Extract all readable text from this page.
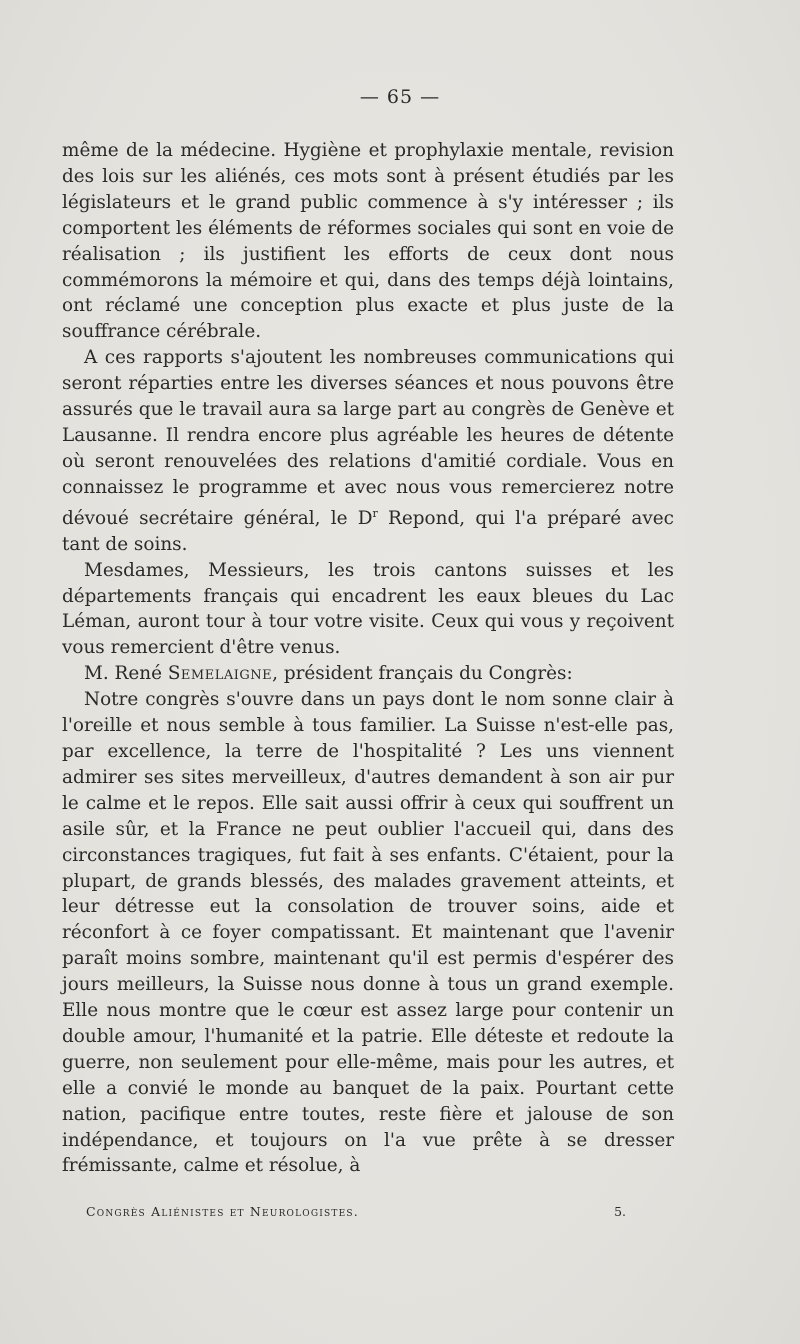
— 65 —

même de la médecine. Hygiène et prophylaxie mentale, revision des lois sur les aliénés, ces mots sont à présent étudiés par les législateurs et le grand public commence à s'y intéresser ; ils comportent les éléments de réformes sociales qui sont en voie de réalisation ; ils justifient les efforts de ceux dont nous commémorons la mémoire et qui, dans des temps déjà lointains, ont réclamé une conception plus exacte et plus juste de la souffrance cérébrale.

A ces rapports s'ajoutent les nombreuses communications qui seront réparties entre les diverses séances et nous pouvons être assurés que le travail aura sa large part au congrès de Genève et Lausanne. Il rendra encore plus agréable les heures de détente où seront renouvelées des relations d'amitié cordiale. Vous en connaissez le programme et avec nous vous remercierez notre dévoué secrétaire général, le $D^r$ Repond, qui l'a préparé avec tant de soins.

Mesdames, Messieurs, les trois cantons suisses et les départements français qui encadrent les eaux bleues du Lac Léman, auront tour à tour votre visite. Ceux qui vous y reçoivent vous remercient d'être venus.

M. René Semelaigne, président français du Congrès:

Notre congrès s'ouvre dans un pays dont le nom sonne clair à l'oreille et nous semble à tous familier. La Suisse n'est-elle pas, par excellence, la terre de l'hospitalité ? Les uns viennent admirer ses sites merveilleux, d'autres demandent à son air pur le calme et le repos. Elle sait aussi offrir à ceux qui souffrent un asile sûr, et la France ne peut oublier l'accueil qui, dans des circonstances tragiques, fut fait à ses enfants. C'étaient, pour la plupart, de grands blessés, des malades gravement atteints, et leur détresse eut la consolation de trouver soins, aide et réconfort à ce foyer compatissant. Et maintenant que l'avenir paraît moins sombre, maintenant qu'il est permis d'espérer des jours meilleurs, la Suisse nous donne à tous un grand exemple. Elle nous montre que le cœur est assez large pour contenir un double amour, l'humanité et la patrie. Elle déteste et redoute la guerre, non seulement pour elle-même, mais pour les autres, et elle a convié le monde au banquet de la paix. Pourtant cette nation, pacifique entre toutes, reste fière et jalouse de son indépendance, et toujours on l'a vue prête à se dresser frémissante, calme et résolue, à

Congrès Aliénistes et Neurologistes.	5.
